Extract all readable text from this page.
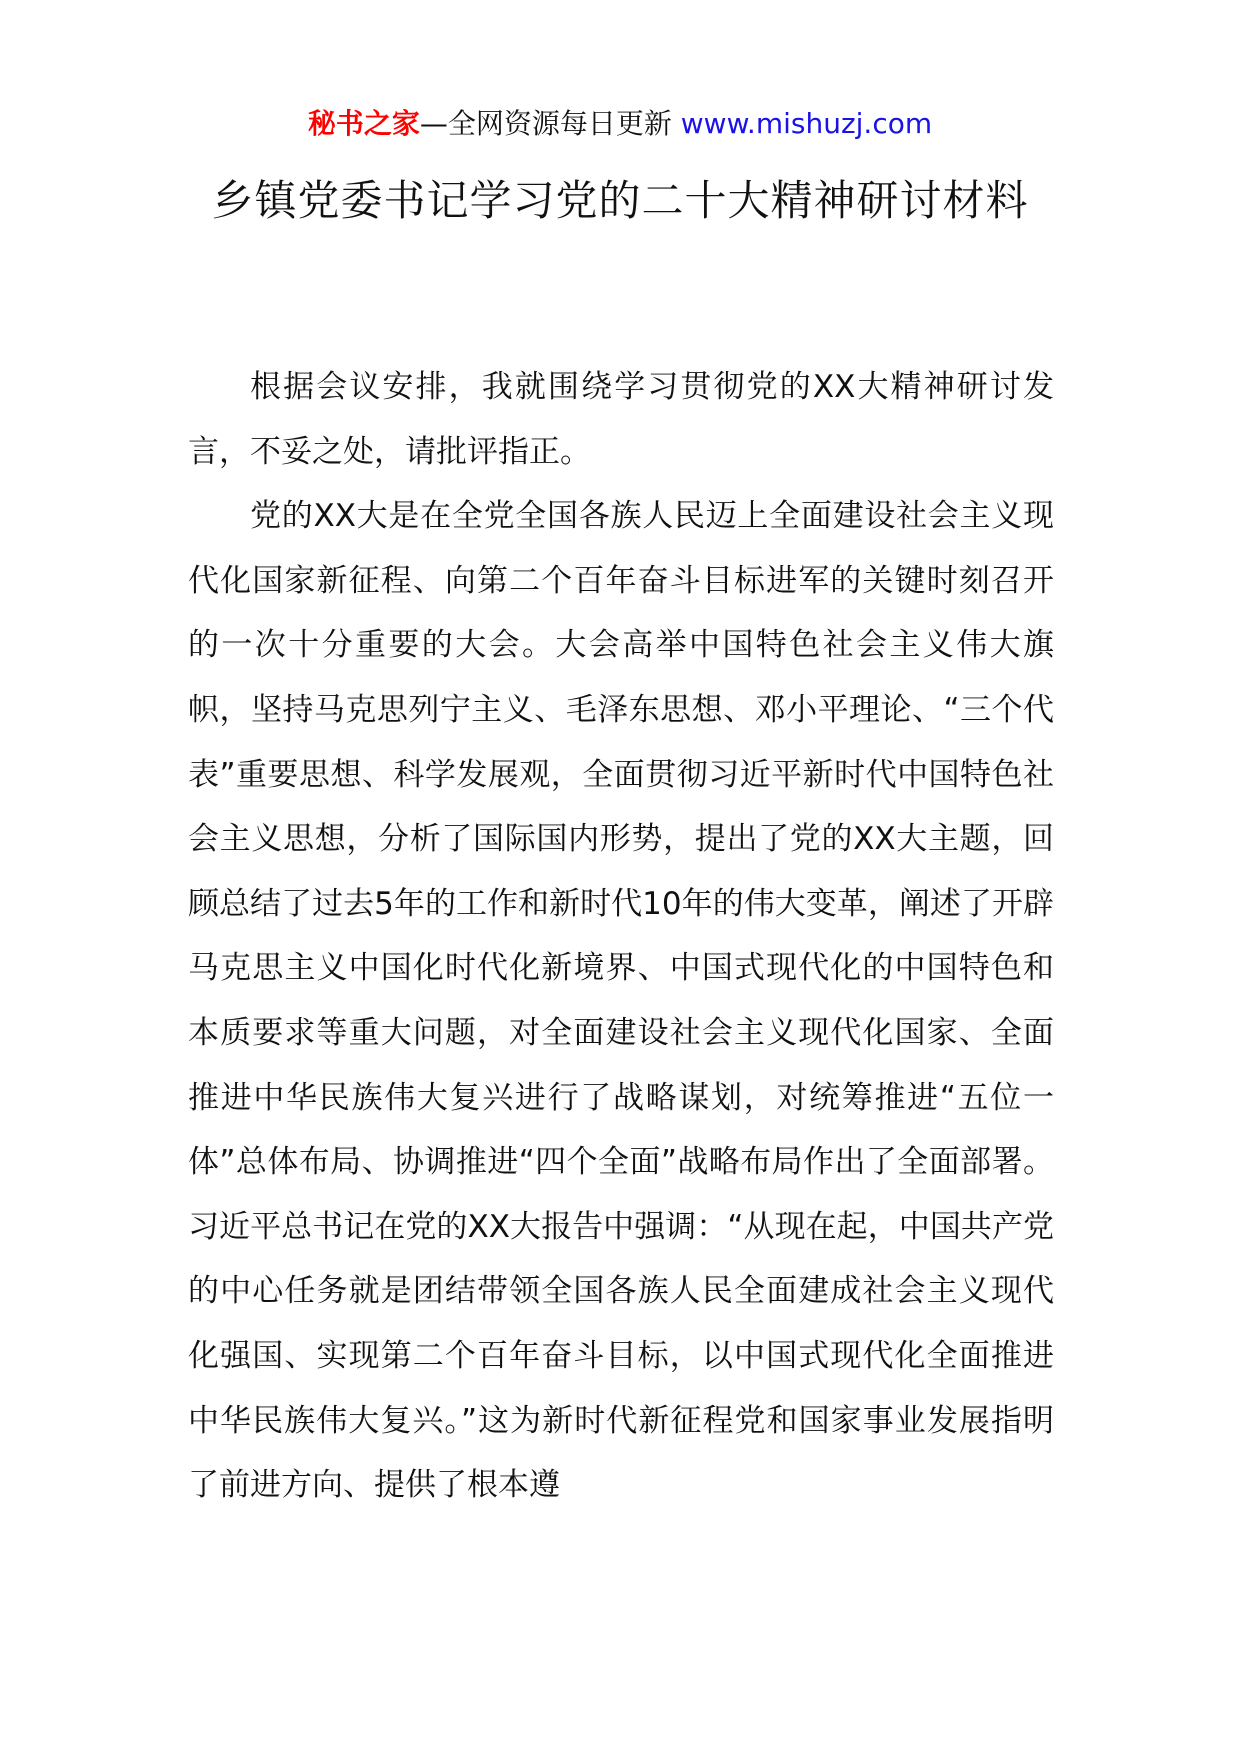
秘书之家—全网资源每日更新 www.mishuzj.com
乡镇党委书记学习党的二十大精神研讨材料

根据会议安排，我就围绕学习贯彻党的XX大精神研讨发言，不妥之处，请批评指正。

党的XX大是在全党全国各族人民迈上全面建设社会主义现代化国家新征程、向第二个百年奋斗目标进军的关键时刻召开的一次十分重要的大会。大会高举中国特色社会主义伟大旗帜，坚持马克思列宁主义、毛泽东思想、邓小平理论、“三个代表”重要思想、科学发展观，全面贯彻习近平新时代中国特色社会主义思想，分析了国际国内形势，提出了党的XX大主题，回顾总结了过去5年的工作和新时代10年的伟大变革，阐述了开辟马克思主义中国化时代化新境界、中国式现代化的中国特色和本质要求等重大问题，对全面建设社会主义现代化国家、全面推进中华民族伟大复兴进行了战略谋划，对统筹推进“五位一体”总体布局、协调推进“四个全面”战略布局作出了全面部署。习近平总书记在党的XX大报告中强调：“从现在起，中国共产党的中心任务就是团结带领全国各族人民全面建成社会主义现代化强国、实现第二个百年奋斗目标，以中国式现代化全面推进中华民族伟大复兴。”这为新时代新征程党和国家事业发展指明了前进方向、提供了根本遵
